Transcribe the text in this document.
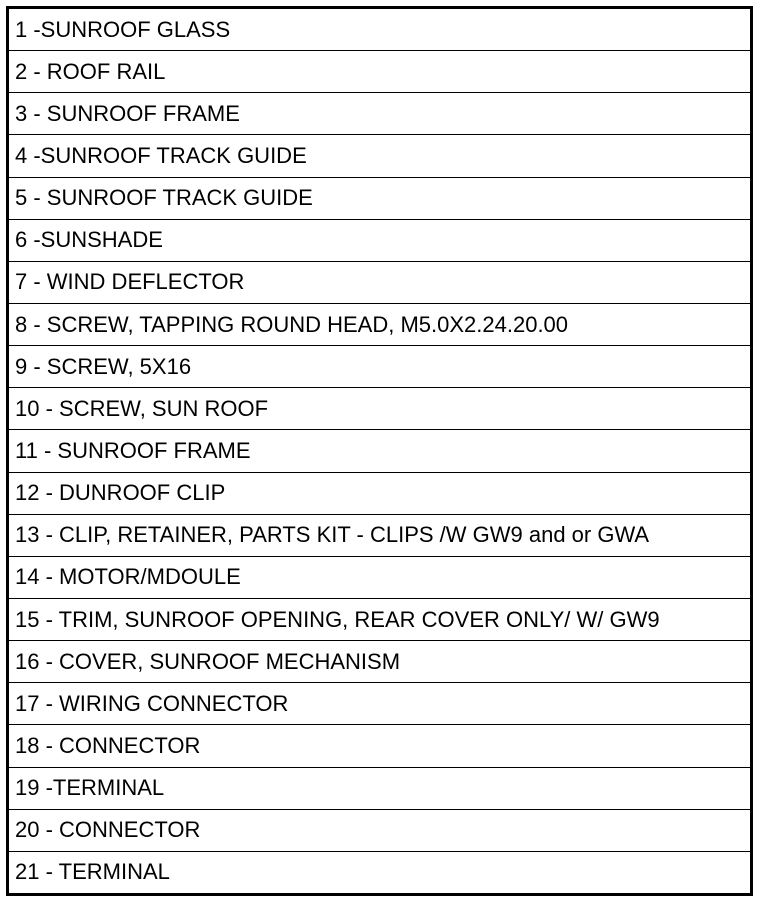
1 -SUNROOF GLASS
2 - ROOF RAIL
3 - SUNROOF FRAME
4 -SUNROOF TRACK GUIDE
5 - SUNROOF TRACK GUIDE
6 -SUNSHADE
7 - WIND DEFLECTOR
8 - SCREW, TAPPING ROUND HEAD, M5.0X2.24.20.00
9 - SCREW, 5X16
10 - SCREW, SUN ROOF
11 - SUNROOF FRAME
12 - DUNROOF CLIP
13 - CLIP, RETAINER, PARTS KIT - CLIPS /W GW9 and or GWA
14 - MOTOR/MDOULE
15 - TRIM, SUNROOF OPENING, REAR COVER ONLY/ W/ GW9
16 - COVER, SUNROOF MECHANISM
17 - WIRING CONNECTOR
18 - CONNECTOR
19 -TERMINAL
20 - CONNECTOR
21 - TERMINAL
